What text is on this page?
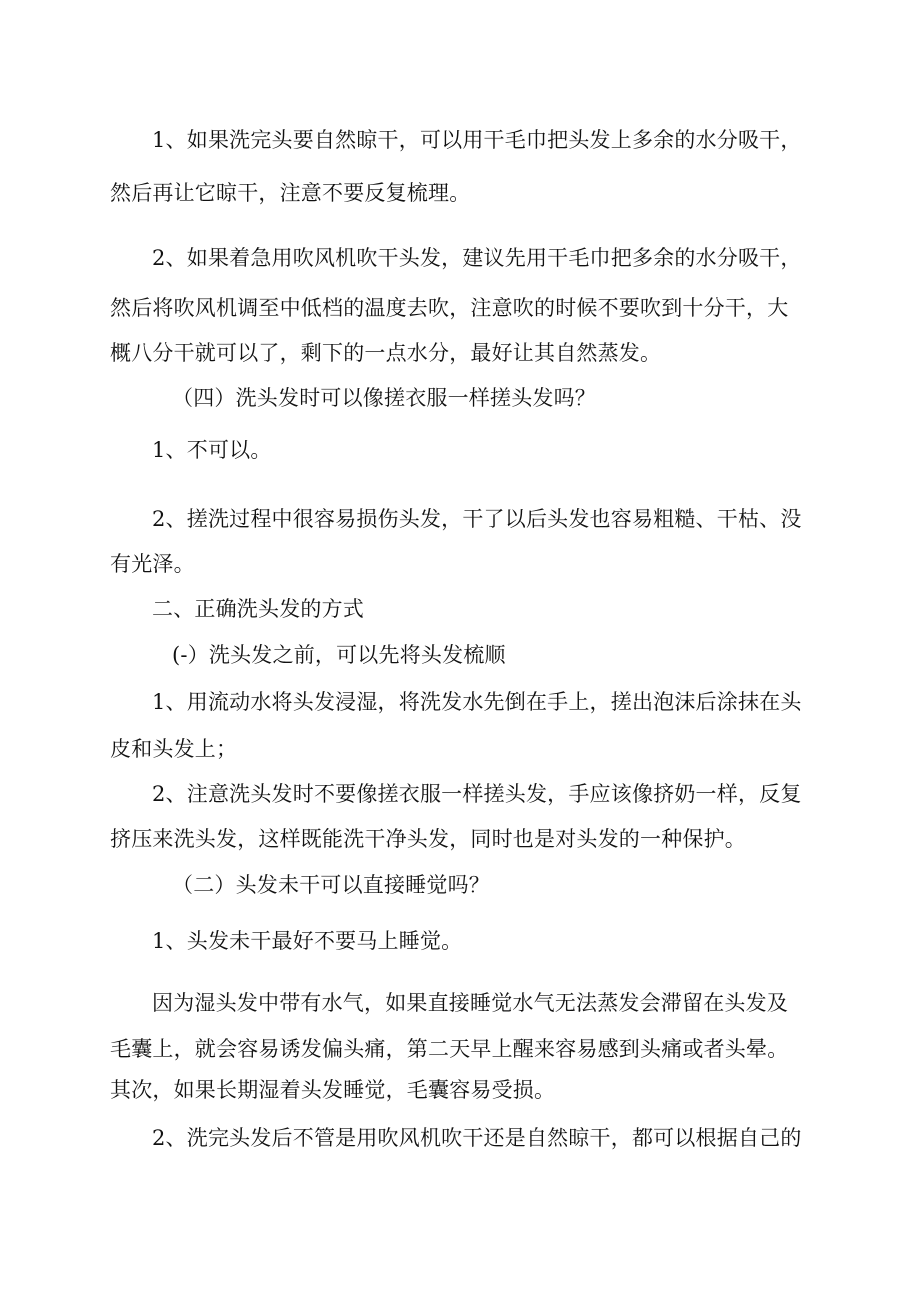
1、如果洗完头要自然晾干，可以用干毛巾把头发上多余的水分吸干，
然后再让它晾干，注意不要反复梳理。
2、如果着急用吹风机吹干头发，建议先用干毛巾把多余的水分吸干，
然后将吹风机调至中低档的温度去吹，注意吹的时候不要吹到十分干，大
概八分干就可以了，剩下的一点水分，最好让其自然蒸发。
（四）洗头发时可以像搓衣服一样搓头发吗？
1、不可以。
2、搓洗过程中很容易损伤头发，干了以后头发也容易粗糙、干枯、没
有光泽。
二、正确洗头发的方式
(-）洗头发之前，可以先将头发梳顺
1、用流动水将头发浸湿，将洗发水先倒在手上，搓出泡沫后涂抹在头
皮和头发上；
2、注意洗头发时不要像搓衣服一样搓头发，手应该像挤奶一样，反复
挤压来洗头发，这样既能洗干净头发，同时也是对头发的一种保护。
（二）头发未干可以直接睡觉吗？
1、头发未干最好不要马上睡觉。
因为湿头发中带有水气，如果直接睡觉水气无法蒸发会滞留在头发及
毛囊上，就会容易诱发偏头痛，第二天早上醒来容易感到头痛或者头晕。
其次，如果长期湿着头发睡觉，毛囊容易受损。
2、洗完头发后不管是用吹风机吹干还是自然晾干，都可以根据自己的
